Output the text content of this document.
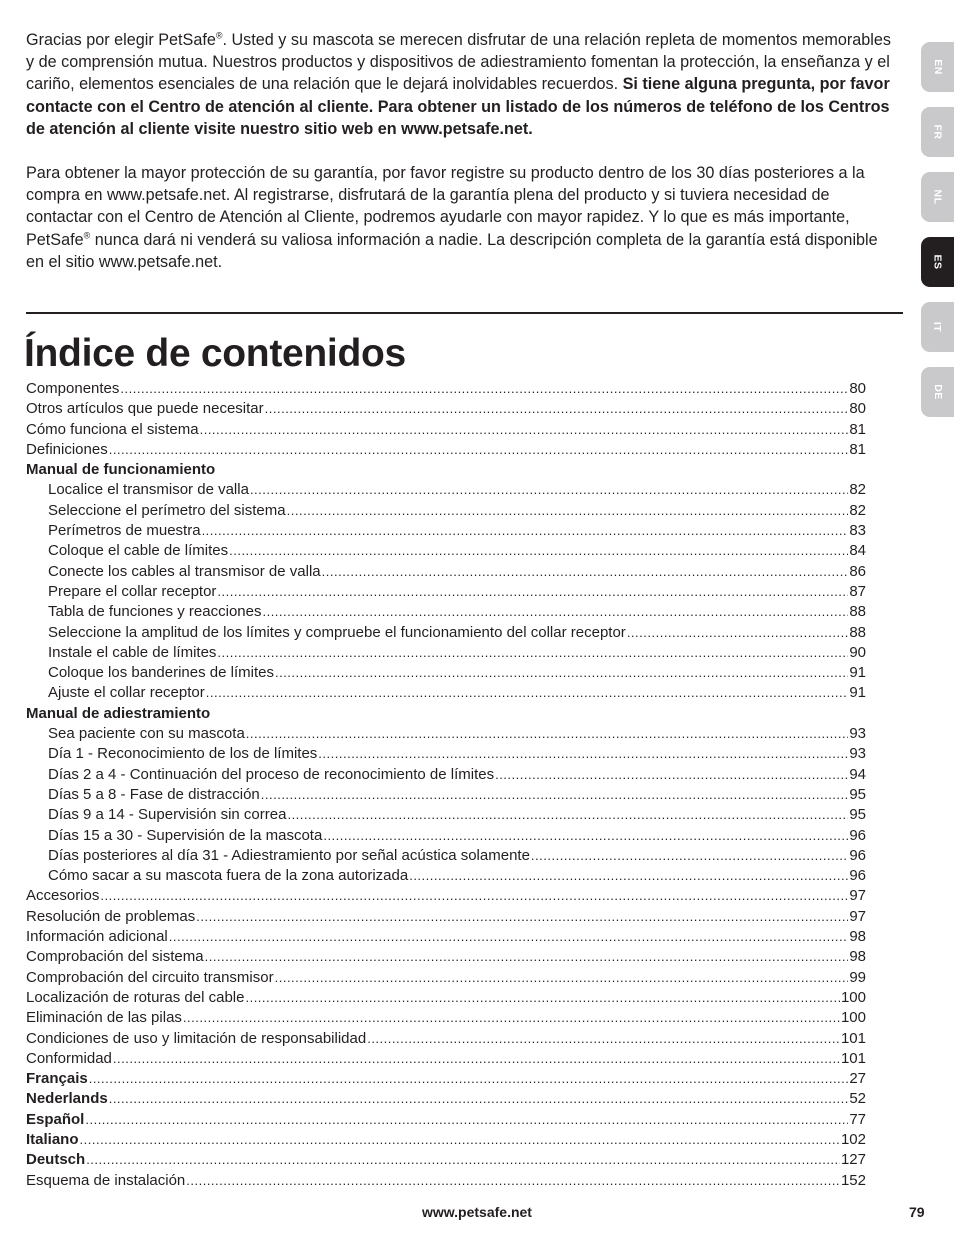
Gracias por elegir PetSafe®. Usted y su mascota se merecen disfrutar de una relación repleta de momentos memorables y de comprensión mutua. Nuestros productos y dispositivos de adiestramiento fomentan la protección, la enseñanza y el cariño, elementos esenciales de una relación que le dejará inolvidables recuerdos. Si tiene alguna pregunta, por favor contacte con el Centro de atención al cliente. Para obtener un listado de los números de teléfono de los Centros de atención al cliente visite nuestro sitio web en www.petsafe.net.

Para obtener la mayor protección de su garantía, por favor registre su producto dentro de los 30 días posteriores a la compra en www.petsafe.net. Al registrarse, disfrutará de la garantía plena del producto y si tuviera necesidad de contactar con el Centro de Atención al Cliente, podremos ayudarle con mayor rapidez. Y lo que es más importante, PetSafe® nunca dará ni venderá su valiosa información a nadie. La descripción completa de la garantía está disponible en el sitio www.petsafe.net.

Índice de contenidos
Componentes .....	80
Otros artículos que puede necesitar .....	80
Cómo funciona el sistema .....	81
Definiciones .....	81
Manual de funcionamiento
Localice el transmisor de valla .....	82
Seleccione el perímetro del sistema .....	82
Perímetros de muestra .....	83
Coloque el cable de límites .....	84
Conecte los cables al transmisor de valla .....	86
Prepare el collar receptor .....	87
Tabla de funciones y reacciones .....	88
Seleccione la amplitud de los límites y compruebe el funcionamiento del collar receptor .....	88
Instale el cable de límites .....	90
Coloque los banderines de límites .....	91
Ajuste el collar receptor .....	91
Manual de adiestramiento
Sea paciente con su mascota .....	93
Día 1 - Reconocimiento de los de límites .....	93
Días 2 a 4 - Continuación del proceso de reconocimiento de límites .....	94
Días 5 a 8 - Fase de distracción .....	95
Días 9 a 14 - Supervisión sin correa .....	95
Días 15 a 30 - Supervisión de la mascota .....	96
Días posteriores al día 31 - Adiestramiento por señal acústica solamente .....	96
Cómo sacar a su mascota fuera de la zona autorizada .....	96
Accesorios .....	97
Resolución de problemas .....	97
Información adicional .....	98
Comprobación del sistema .....	98
Comprobación del circuito transmisor .....	99
Localización de roturas del cable .....	100
Eliminación de las pilas .....	100
Condiciones de uso y limitación de responsabilidad .....	101
Conformidad .....	101
Français .....	27
Nederlands .....	52
Español .....	77
Italiano .....	102
Deutsch .....	127
Esquema de instalación .....	152
EN
FR
NL
ES
IT
DE
www.petsafe.net	79
